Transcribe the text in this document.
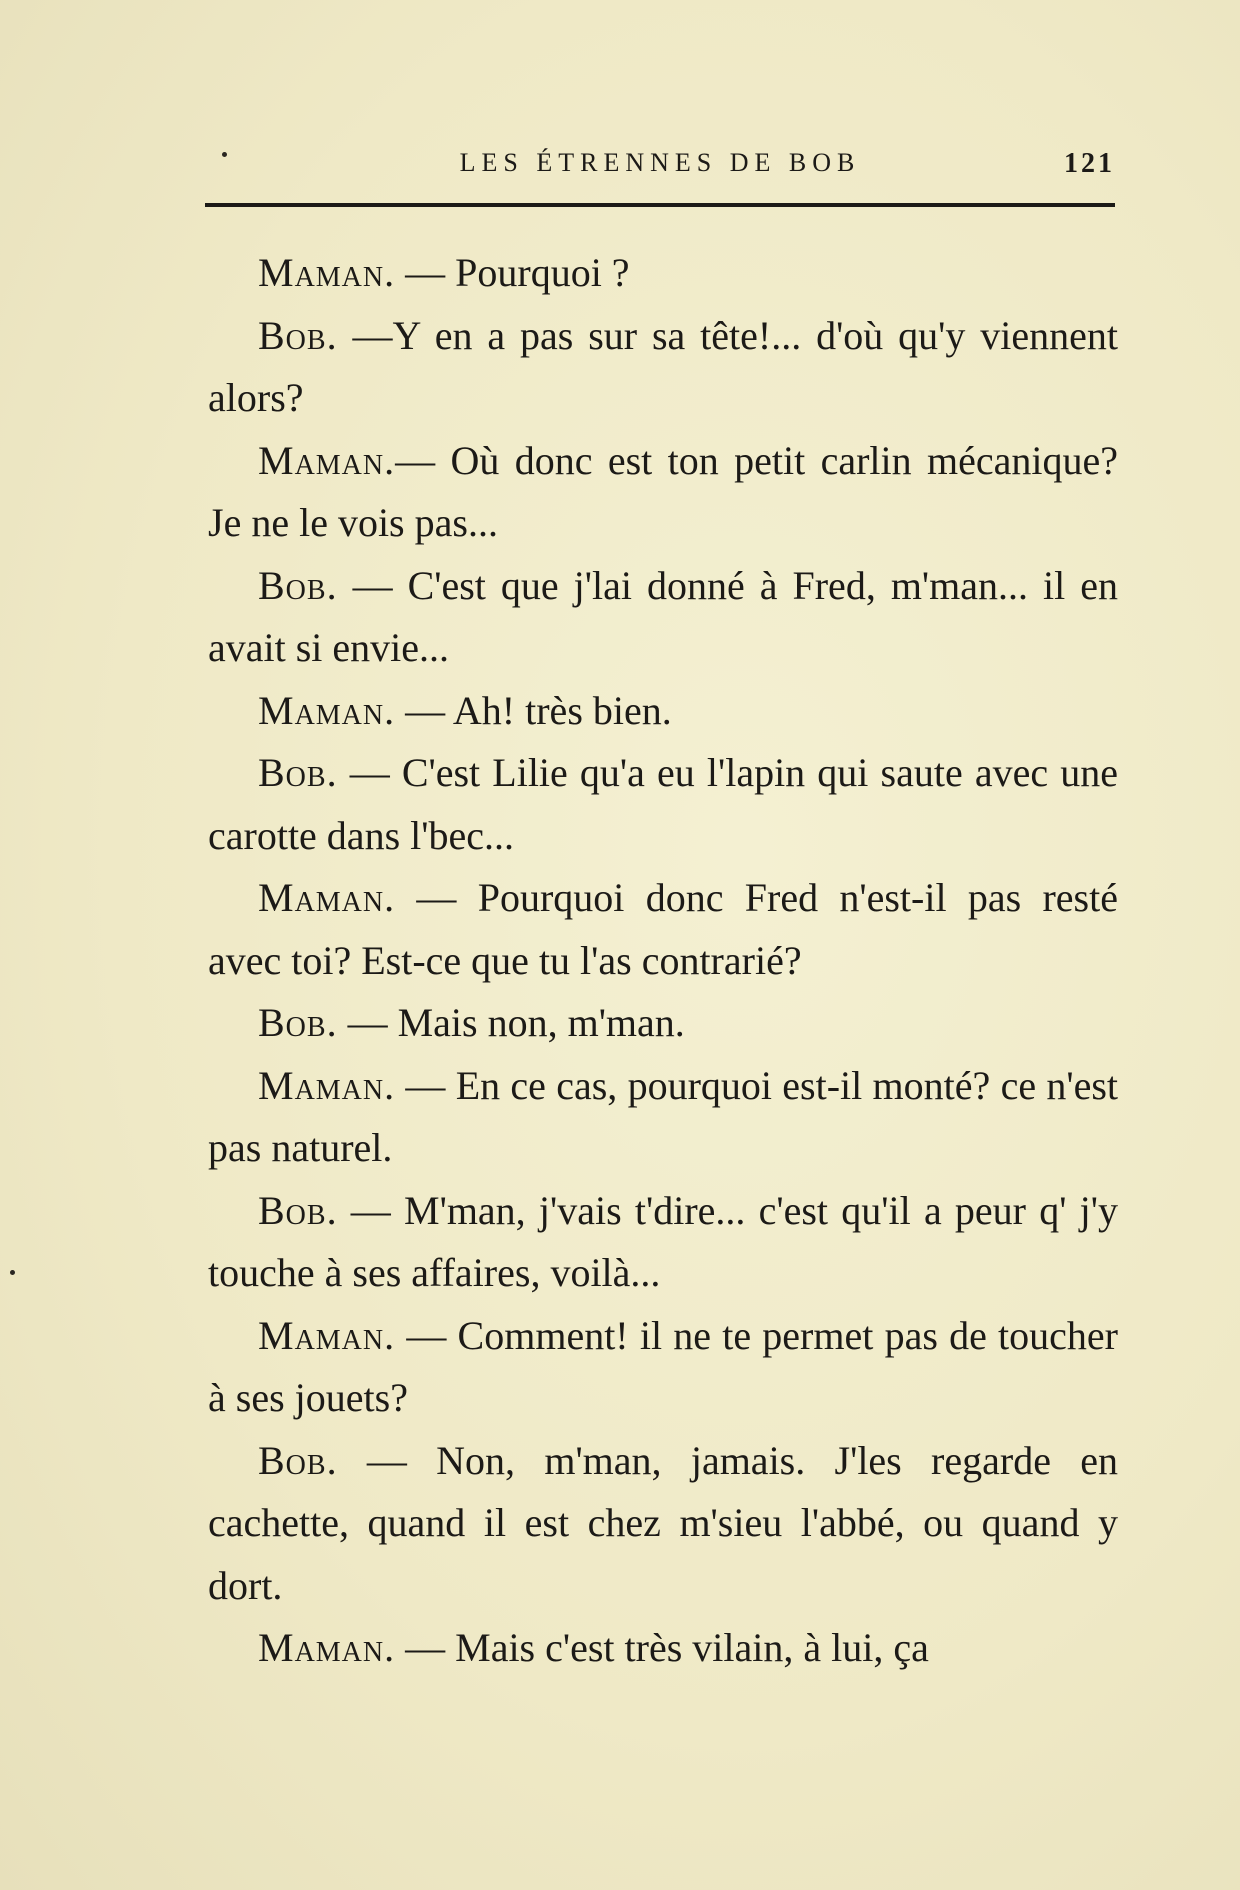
LES ÉTRENNES DE BOB	121

Maman. — Pourquoi ?

Bob. —Y en a pas sur sa tête!... d'où qu'y viennent alors?

Maman.— Où donc est ton petit carlin mécanique? Je ne le vois pas...

Bob. — C'est que j'lai donné à Fred, m'man... il en avait si envie...

Maman. — Ah! très bien.

Bob. — C'est Lilie qu'a eu l'lapin qui saute avec une carotte dans l'bec...

Maman. — Pourquoi donc Fred n'est-il pas resté avec toi? Est-ce que tu l'as contrarié?

Bob. — Mais non, m'man.

Maman. — En ce cas, pourquoi est-il monté? ce n'est pas naturel.

Bob. — M'man, j'vais t'dire... c'est qu'il a peur q' j'y touche à ses affaires, voilà...

Maman. — Comment! il ne te permet pas de toucher à ses jouets?

Bob. — Non, m'man, jamais. J'les regarde en cachette, quand il est chez m'sieu l'abbé, ou quand y dort.

Maman. — Mais c'est très vilain, à lui, ça
